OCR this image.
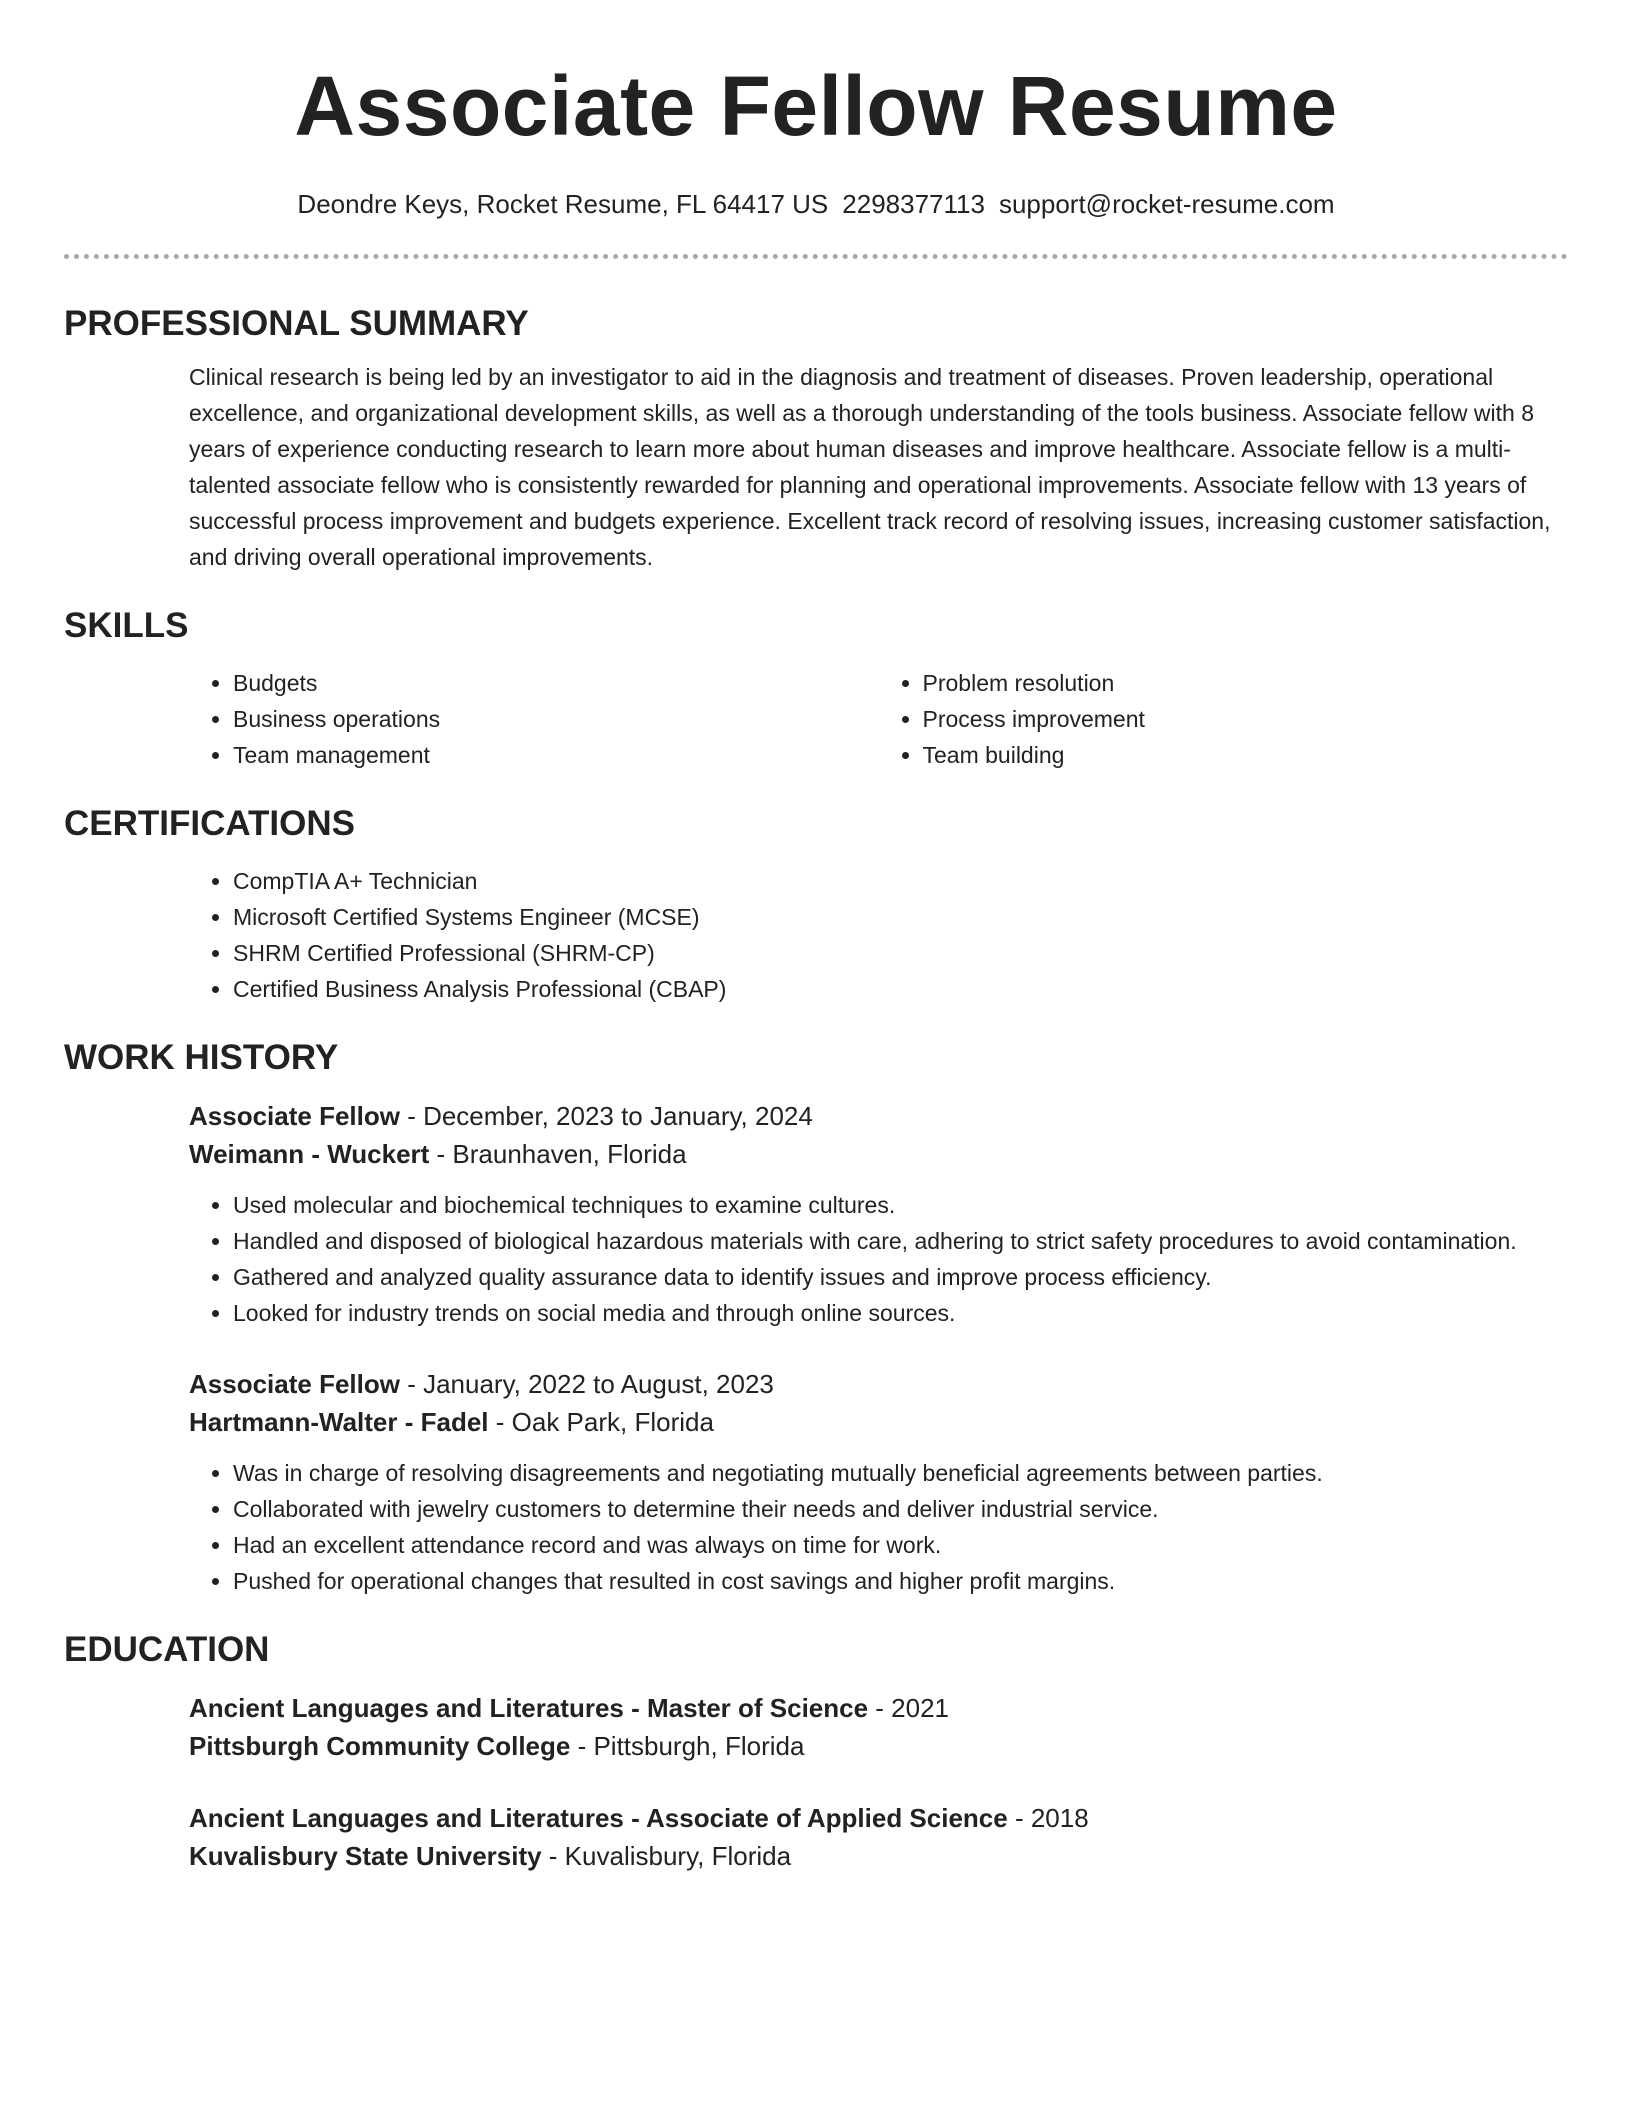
Associate Fellow Resume
Deondre Keys, Rocket Resume, FL 64417 US 2298377113 support@rocket-resume.com
PROFESSIONAL SUMMARY

Clinical research is being led by an investigator to aid in the diagnosis and treatment of diseases. Proven leadership, operational excellence, and organizational development skills, as well as a thorough understanding of the tools business. Associate fellow with 8 years of experience conducting research to learn more about human diseases and improve healthcare. Associate fellow is a multi-talented associate fellow who is consistently rewarded for planning and operational improvements. Associate fellow with 13 years of successful process improvement and budgets experience. Excellent track record of resolving issues, increasing customer satisfaction, and driving overall operational improvements.

SKILLS
• Budgets
• Business operations
• Team management
• Problem resolution
• Process improvement
• Team building
CERTIFICATIONS
• CompTIA A+ Technician
• Microsoft Certified Systems Engineer (MCSE)
• SHRM Certified Professional (SHRM-CP)
• Certified Business Analysis Professional (CBAP)
WORK HISTORY
Associate Fellow - December, 2023 to January, 2024
Weimann - Wuckert - Braunhaven, Florida
• Used molecular and biochemical techniques to examine cultures.
• Handled and disposed of biological hazardous materials with care, adhering to strict safety procedures to avoid contamination.
• Gathered and analyzed quality assurance data to identify issues and improve process efficiency.
• Looked for industry trends on social media and through online sources.
Associate Fellow - January, 2022 to August, 2023
Hartmann-Walter - Fadel - Oak Park, Florida
• Was in charge of resolving disagreements and negotiating mutually beneficial agreements between parties.
• Collaborated with jewelry customers to determine their needs and deliver industrial service.
• Had an excellent attendance record and was always on time for work.
• Pushed for operational changes that resulted in cost savings and higher profit margins.
EDUCATION
Ancient Languages and Literatures - Master of Science - 2021
Pittsburgh Community College - Pittsburgh, Florida
Ancient Languages and Literatures - Associate of Applied Science - 2018
Kuvalisbury State University - Kuvalisbury, Florida
